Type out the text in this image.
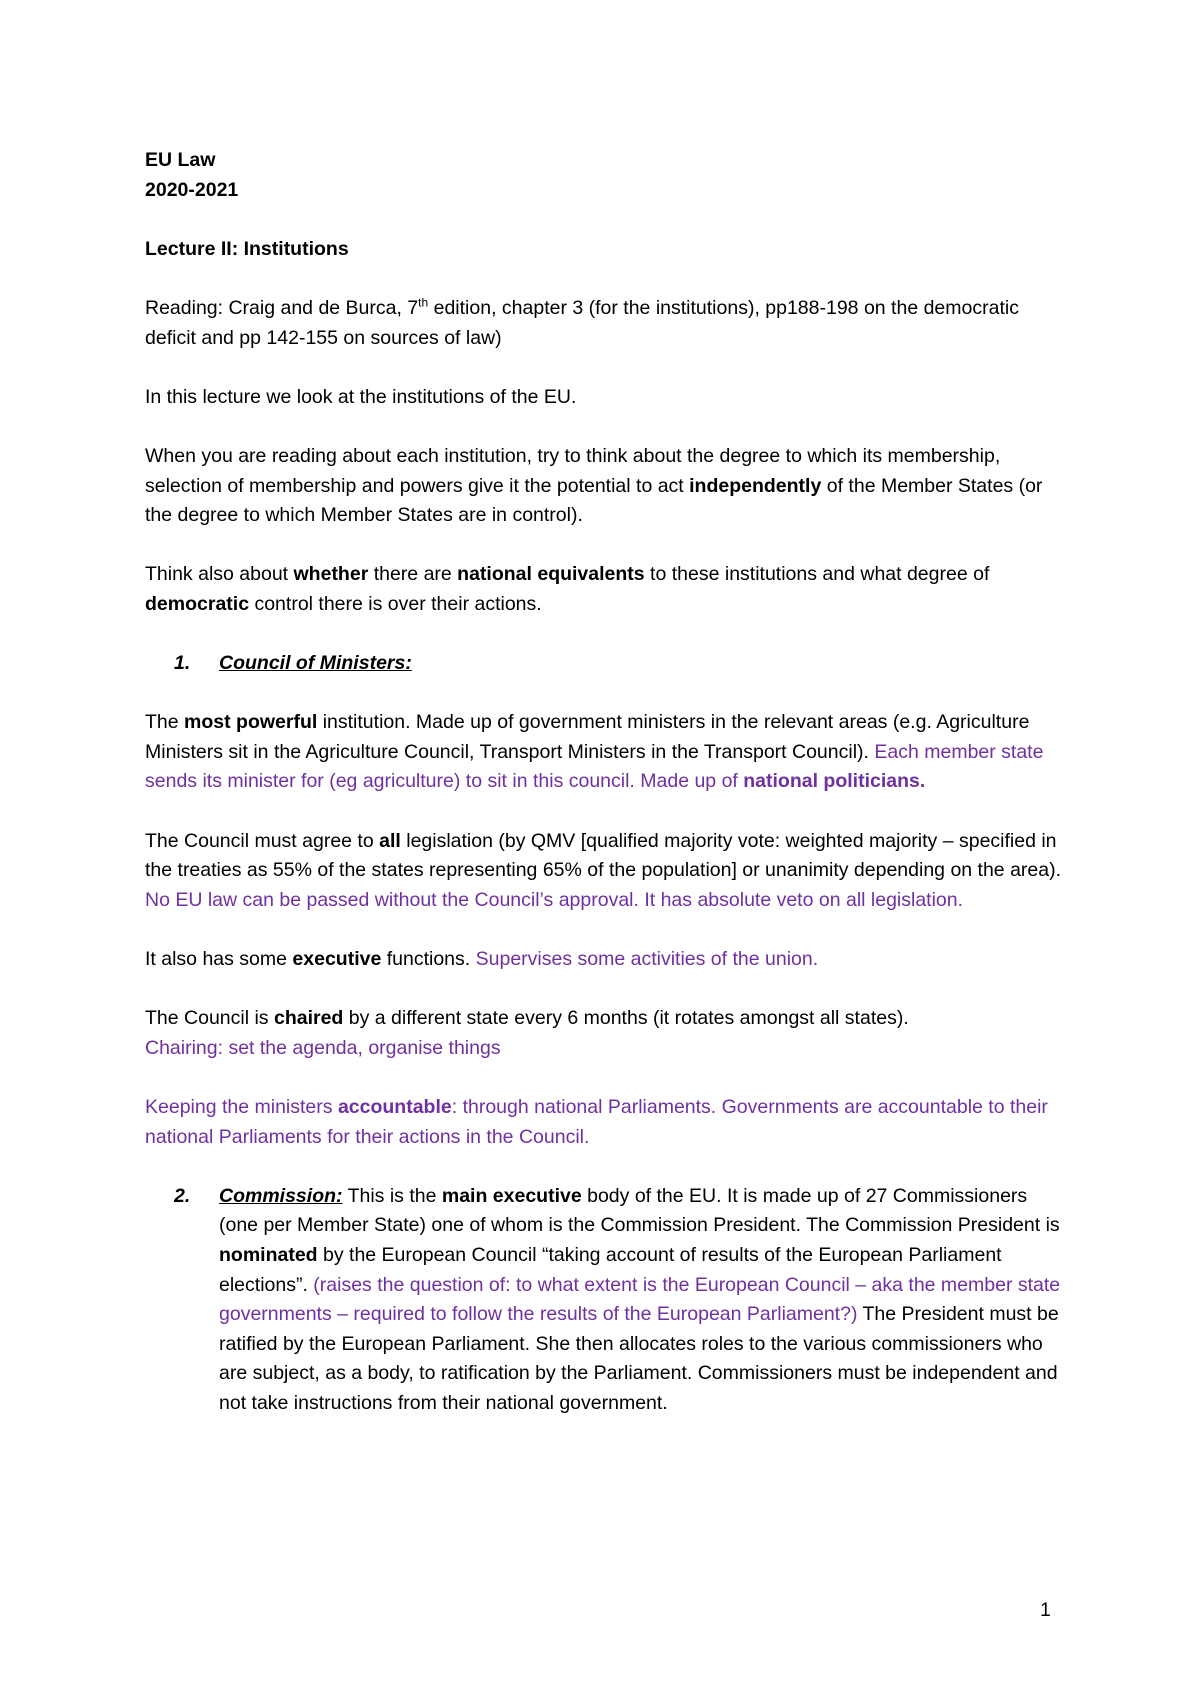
EU Law
2020-2021

Lecture II: Institutions

Reading: Craig and de Burca, 7th edition, chapter 3 (for the institutions), pp188-198 on the democratic deficit and pp 142-155 on sources of law)

In this lecture we look at the institutions of the EU.

When you are reading about each institution, try to think about the degree to which its membership, selection of membership and powers give it the potential to act independently of the Member States (or the degree to which Member States are in control).

Think also about whether there are national equivalents to these institutions and what degree of democratic control there is over their actions.

1. Council of Ministers:

The most powerful institution. Made up of government ministers in the relevant areas (e.g. Agriculture Ministers sit in the Agriculture Council, Transport Ministers in the Transport Council). Each member state sends its minister for (eg agriculture) to sit in this council. Made up of national politicians.

The Council must agree to all legislation (by QMV [qualified majority vote: weighted majority – specified in the treaties as 55% of the states representing 65% of the population] or unanimity depending on the area). No EU law can be passed without the Council’s approval. It has absolute veto on all legislation.

It also has some executive functions. Supervises some activities of the union.

The Council is chaired by a different state every 6 months (it rotates amongst all states).
Chairing: set the agenda, organise things

Keeping the ministers accountable: through national Parliaments. Governments are accountable to their national Parliaments for their actions in the Council.

2. Commission: This is the main executive body of the EU. It is made up of 27 Commissioners (one per Member State) one of whom is the Commission President. The Commission President is nominated by the European Council “taking account of results of the European Parliament elections”. (raises the question of: to what extent is the European Council – aka the member state governments – required to follow the results of the European Parliament?) The President must be ratified by the European Parliament. She then allocates roles to the various commissioners who are subject, as a body, to ratification by the Parliament. Commissioners must be independent and not take instructions from their national government.

1
